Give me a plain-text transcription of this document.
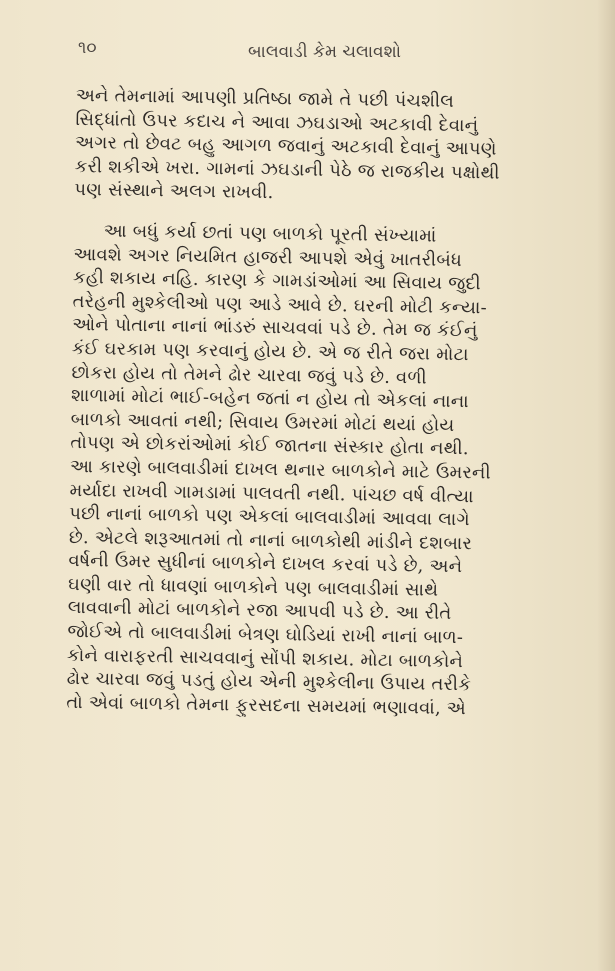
૧૦	બાલવાડી કેમ ચલાવશો
અને તેમનામાં આપણી પ્રતિષ્ઠા જામે તે પછી પંચશીલ
સિદ્ધાંતો ઉપર કદાચ ને આવા ઝઘડાઓ અટકાવી દેવાનું
અગર તો છેવટ બહુ આગળ જવાનું અટકાવી દેવાનું આપણે
કરી શકીએ ખરા. ગામનાં ઝઘડાની પેઠે જ રાજકીય પક્ષોથી
પણ સંસ્થાને અલગ રાખવી.
આ બધું કર્યા છતાં પણ બાળકો પૂરતી સંખ્યામાં
આવશે અગર નિયમિત હાજરી આપશે એવું ખાતરીબંધ
કહી શકાય નહિ. કારણ કે ગામડાંઓમાં આ સિવાય જુદી
તરેહની મુશ્કેલીઓ પણ આડે આવે છે. ઘરની મોટી કન્યા-
ઓને પોતાના નાનાં ભાંડરું સાચવવાં પડે છે. તેમ જ કંઈનું
કંઈ ઘરકામ પણ કરવાનું હોય છે. એ જ રીતે જરા મોટા
છોકરા હોય તો તેમને ઢોર ચારવા જવું પડે છે. વળી
શાળામાં મોટાં ભાઈ-બહેન જતાં ન હોય તો એકલાં નાના
બાળકો આવતાં નથી; સિવાય ઉંમરમાં મોટાં થયાં હોય
તોપણ એ છોકરાંઓમાં કોઈ જાતના સંસ્કાર હોતા નથી.
આ કારણે બાલવાડીમાં દાખલ થનાર બાળકોને માટે ઉંમરની
મર્યાદા રાખવી ગામડામાં પાલવતી નથી. પાંચછ વર્ષ વીત્યા
પછી નાનાં બાળકો પણ એકલાં બાલવાડીમાં આવવા લાગે
છે. એટલે શરૂઆતમાં તો નાનાં બાળકોથી માંડીને દશબાર
વર્ષની ઉંમર સુધીનાં બાળકોને દાખલ કરવાં પડે છે, અને
ઘણી વાર તો ધાવણાં બાળકોને પણ બાલવાડીમાં સાથે
લાવવાની મોટાં બાળકોને રજા આપવી પડે છે. આ રીતે
જોઈએ તો બાલવાડીમાં બેત્રણ ઘોડિયાં રાખી નાનાં બાળ-
કોને વારાફરતી સાચવવાનું સોંપી શકાય. મોટા બાળકોને
ઢોર ચારવા જવું પડતું હોય એની મુશ્કેલીના ઉપાય તરીકે
તો એવાં બાળકો તેમના ફુરસદના સમયમાં ભણાવવાં, એ
